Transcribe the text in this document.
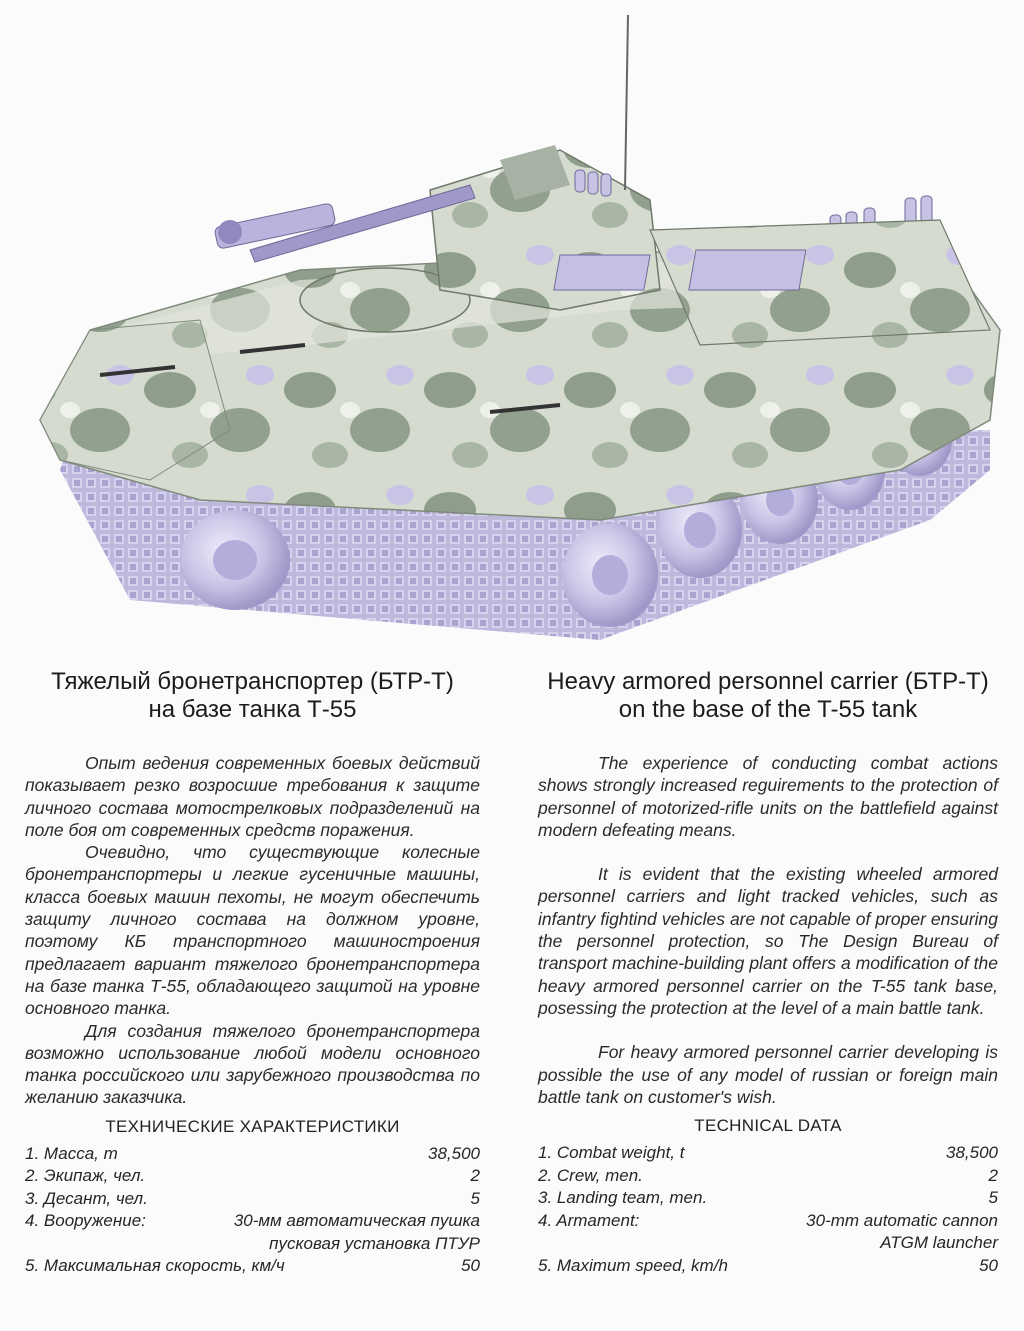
Тяжелый бронетранспортер (БТР-Т)
на базе танка Т-55

Опыт ведения современных боевых действий показывает резко возросшие требования к защите личного состава мотострелковых подразделений на поле боя от современных средств поражения.

Очевидно, что существующие колесные бронетранспортеры и легкие гусеничные машины, класса боевых машин пехоты, не могут обеспечить защиту личного состава на должном уровне, поэтому КБ транспортного машиностроения предлагает вариант тяжелого бронетранспортера на базе танка Т-55, обладающего защитой на уровне основного танка.

Для создания тяжелого бронетранспортера возможно использование любой модели основного танка российского или зарубежного производства по желанию заказчика.

ТЕХНИЧЕСКИЕ ХАРАКТЕРИСТИКИ
1. Масса, т	38,500
2. Экипаж, чел.	2
3. Десант, чел.	5
4. Вооружение:	30-мм автоматическая пушка
пусковая установка ПТУР
5. Максимальная скорость, км/ч	50
Heavy armored personnel carrier (БТР-Т)
on the base of the T-55 tank

The experience of conducting combat actions shows strongly increased reguirements to the protection of personnel of motorized-rifle units on the battlefield against modern defeating means.

It is evident that the existing wheeled armored personnel carriers and light tracked vehicles, such as infantry fightind vehicles are not capable of proper ensuring the personnel protection, so The Design Bureau of transport machine-building plant offers a modification of the heavy armored personnel carrier on the T-55 tank base, posessing the protection at the level of a main battle tank.

For heavy armored personnel carrier developing is possible the use of any model of russian or foreign main battle tank on customer's wish.

TECHNICAL DATA
1. Combat weight, t	38,500
2. Crew, men.	2
3. Landing team, men.	5
4. Armament:	30-mm automatic cannon
ATGM launcher
5. Maximum speed, km/h	50
